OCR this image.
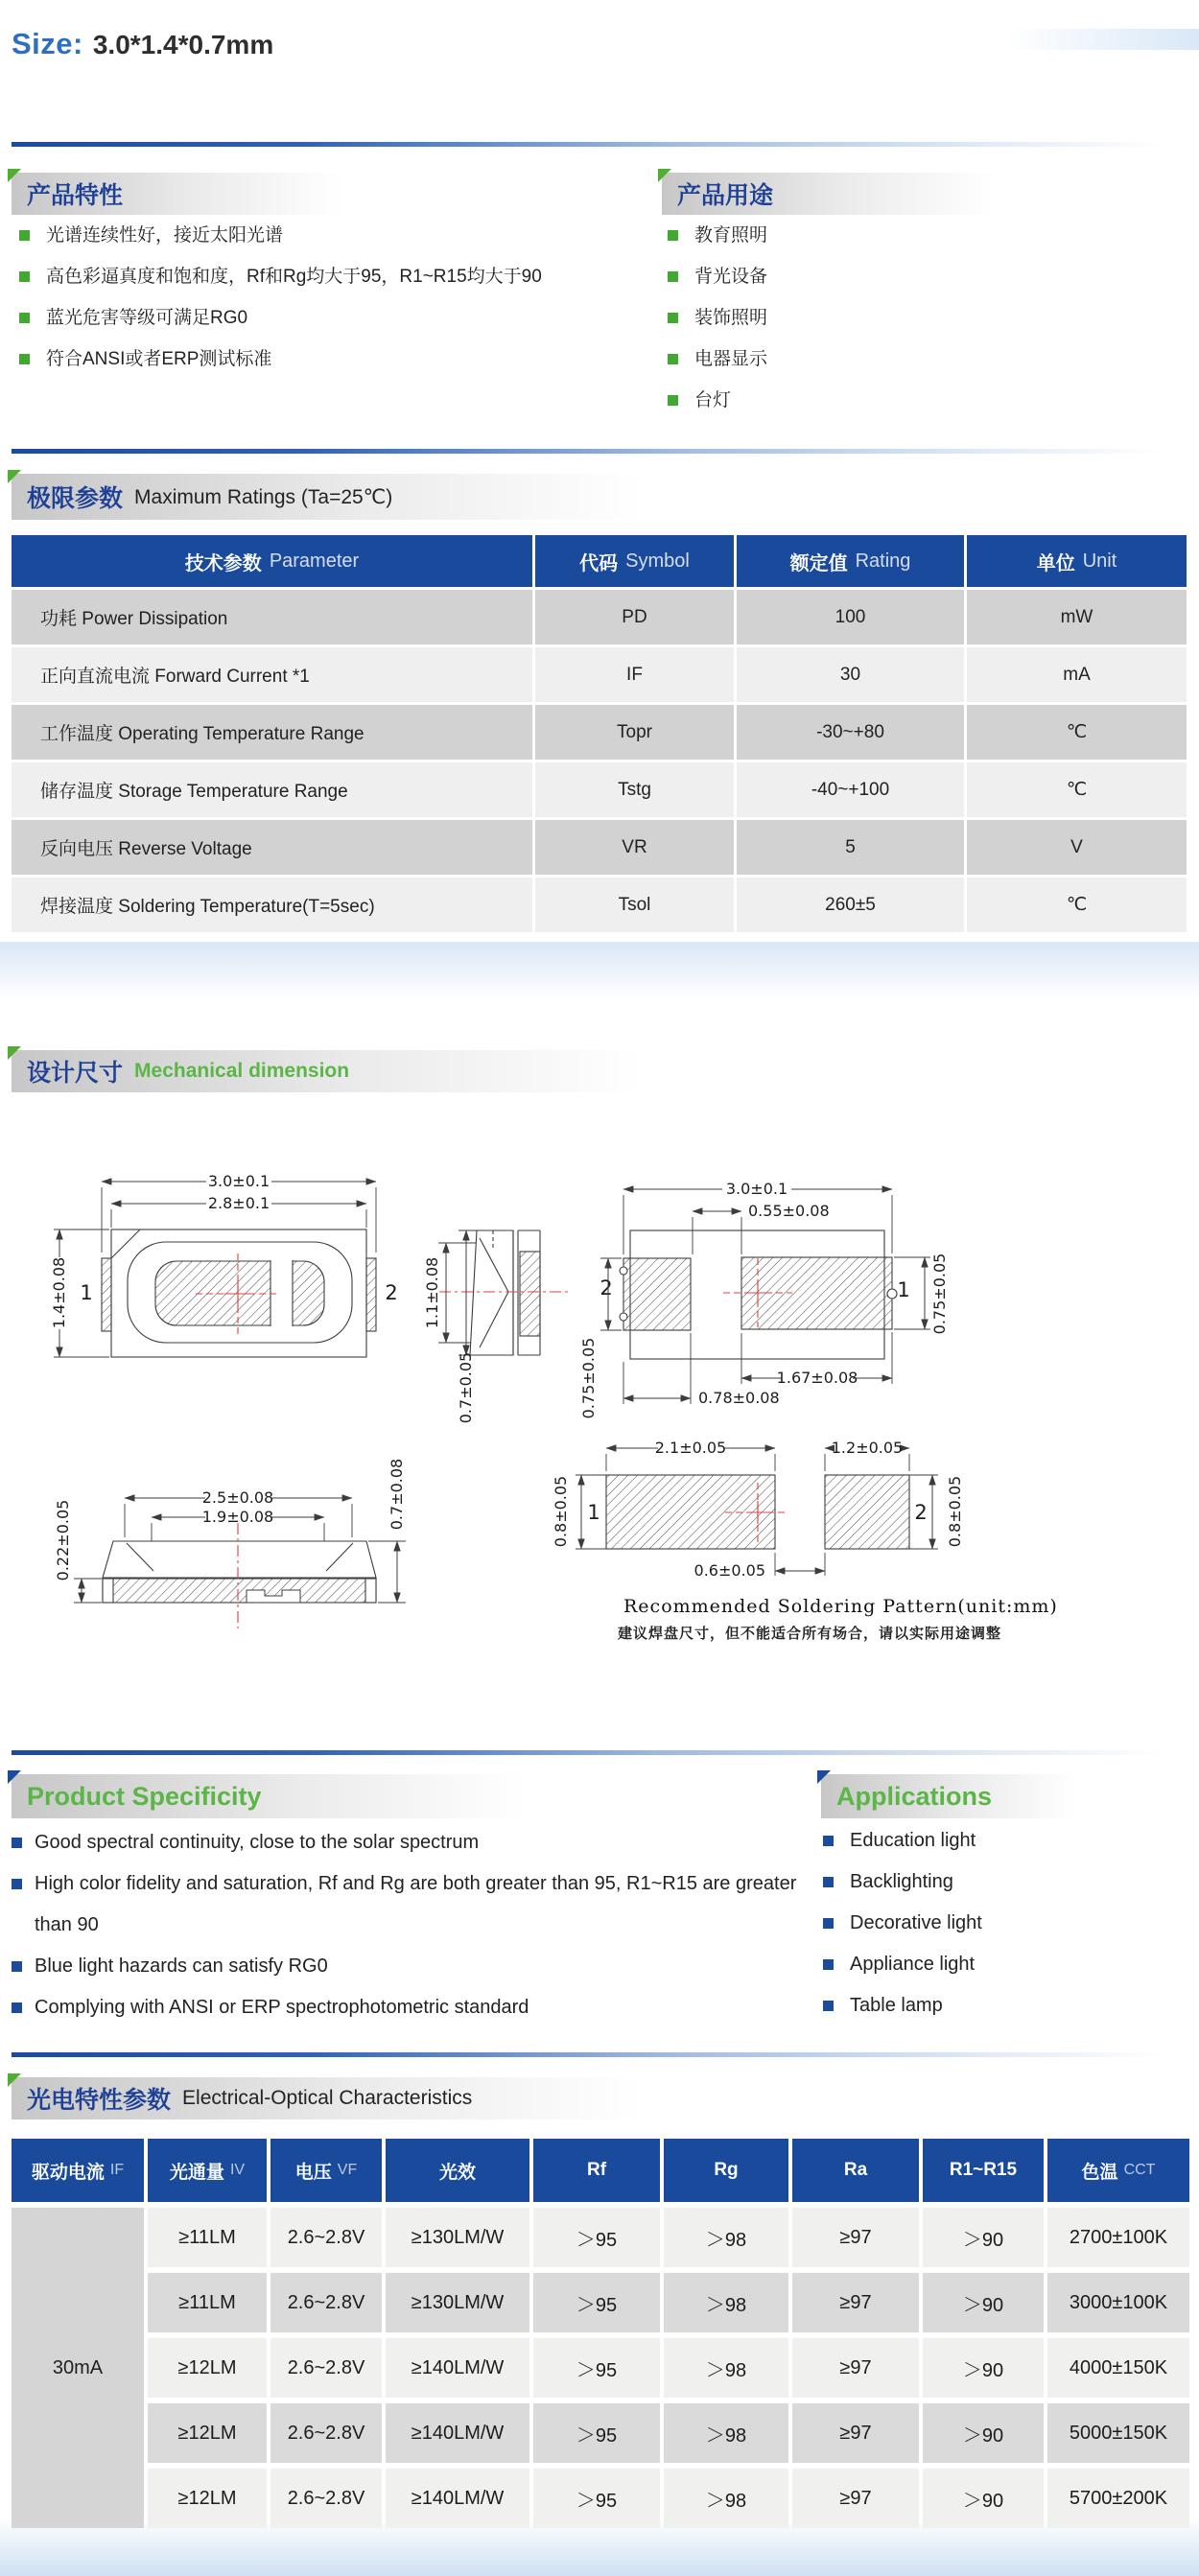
Size: 3.0*1.4*0.7mm
产品特性
光谱连续性好，接近太阳光谱
高色彩逼真度和饱和度，Rf和Rg均大于95，R1~R15均大于90
蓝光危害等级可满足RG0
符合ANSI或者ERP测试标准
产品用途
教育照明
背光设备
装饰照明
电器显示
台灯
极限参数 Maximum Ratings (Ta=25℃)
技术参数 Parameter	代码 Symbol	额定值 Rating	单位 Unit
功耗 Power Dissipation	PD	100	mW
正向直流电流 Forward Current *1	IF	30	mA
工作温度 Operating Temperature Range	Topr	-30~+80	℃
储存温度 Storage Temperature Range	Tstg	-40~+100	℃
反向电压 Reverse Voltage	VR	5	V
焊接温度 Soldering Temperature(T=5sec)	Tsol	260±5	℃
设计尺寸 Mechanical dimension
3.0±0.1
2.8±0.1
1.4±0.08 1	2 1.1±0.08
0.7±0.05
3.0±0.1
0.55±0.08
2	1
1.67±0.08
0.78±0.08
0.75±0.05
0.75±0.05
2.5±0.08
1.9±0.08
0.22±0.05
0.7±0.08
2.1±0.05	1.2±0.05
0.6±0.05
0.8±0.05 1	0.8±0.05
2
Recommended Soldering Pattern(unit:mm)
建议焊盘尺寸，但不能适合所有场合，请以实际用途调整
Product Specificity
Good spectral continuity, close to the solar spectrum
High color fidelity and saturation, Rf and Rg are both greater than 95, R1~R15 are greater than 90
Blue light hazards can satisfy RG0
Complying with ANSI or ERP spectrophotometric standard
Applications
Education light
Backlighting
Decorative light
Appliance light
Table lamp
光电特性参数 Electrical-Optical Characteristics
驱动电流 IF	光通量 IV	电压 VF	光效	Rf	Rg	Ra	R1~R15	色温 CCT
30mA
≥11LM	2.6~2.8V	≥130LM/W	＞95	＞98	≥97	＞90	2700±100K
≥11LM	2.6~2.8V	≥130LM/W	＞95	＞98	≥97	＞90	3000±100K
≥12LM	2.6~2.8V	≥140LM/W	＞95	＞98	≥97	＞90	4000±150K
≥12LM	2.6~2.8V	≥140LM/W	＞95	＞98	≥97	＞90	5000±150K
≥12LM	2.6~2.8V	≥140LM/W	＞95	＞98	≥97	＞90	5700±200K
